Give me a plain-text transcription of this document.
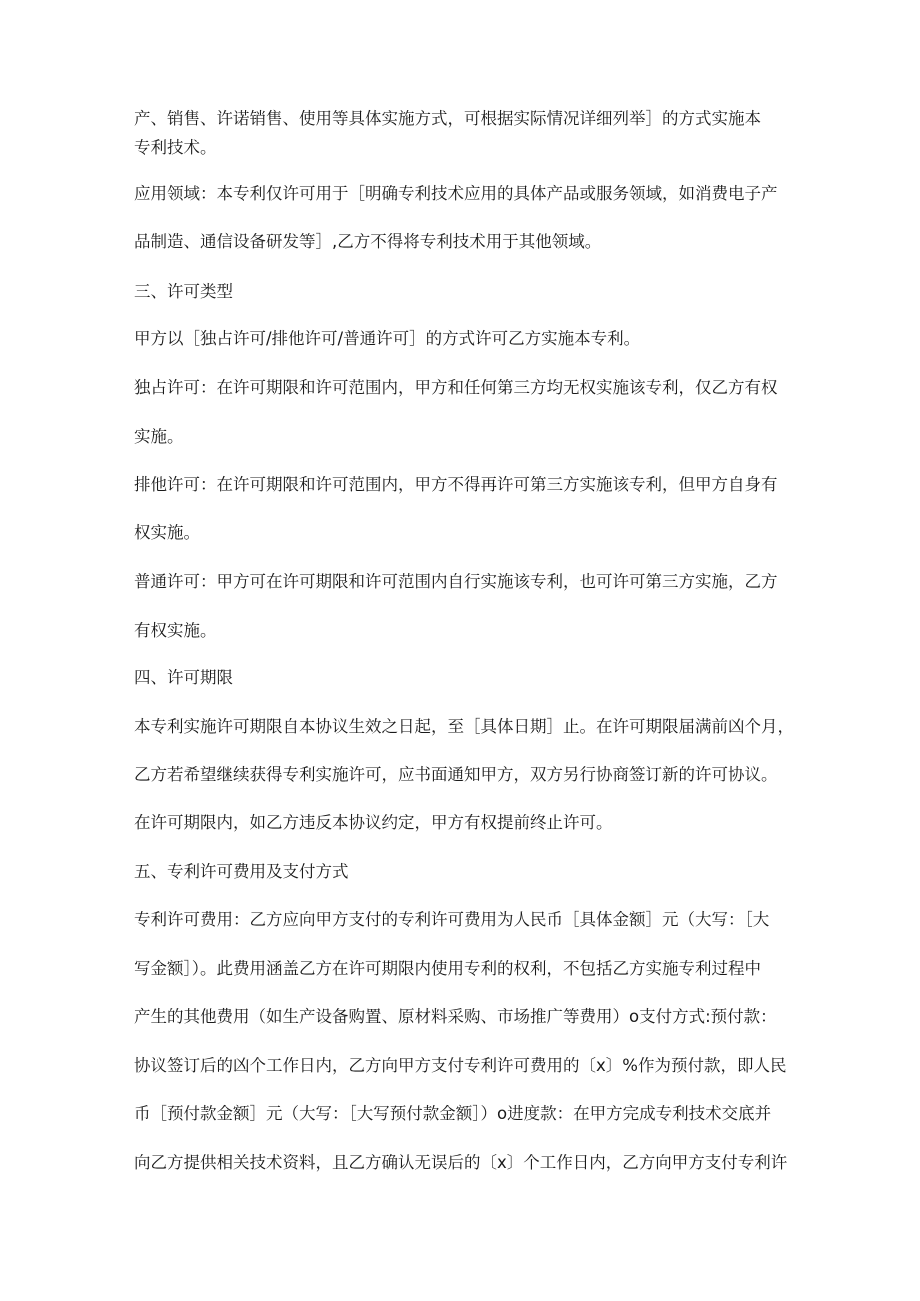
产、销售、许诺销售、使用等具体实施方式，可根据实际情况详细列举］的方式实施本
专利技术。
应用领域：本专利仅许可用于［明确专利技术应用的具体产品或服务领域，如消费电子产
品制造、通信设备研发等］,乙方不得将专利技术用于其他领域。
三、许可类型
甲方以［独占许可/排他许可/普通许可］的方式许可乙方实施本专利。
独占许可：在许可期限和许可范围内，甲方和任何第三方均无权实施该专利，仅乙方有权
实施。
排他许可：在许可期限和许可范围内，甲方不得再许可第三方实施该专利，但甲方自身有
权实施。
普通许可：甲方可在许可期限和许可范围内自行实施该专利，也可许可第三方实施，乙方
有权实施。
四、许可期限
本专利实施许可期限自本协议生效之日起，至［具体日期］止。在许可期限届满前凶个月，
乙方若希望继续获得专利实施许可，应书面通知甲方，双方另行协商签订新的许可协议。
在许可期限内，如乙方违反本协议约定，甲方有权提前终止许可。
五、专利许可费用及支付方式
专利许可费用：乙方应向甲方支付的专利许可费用为人民币［具体金额］元（大写：［大
写金额］）。此费用涵盖乙方在许可期限内使用专利的权利，不包括乙方实施专利过程中
产生的其他费用（如生产设备购置、原材料采购、市场推广等费用）o支付方式:预付款：
协议签订后的凶个工作日内，乙方向甲方支付专利许可费用的〔x〕%作为预付款，即人民
币［预付款金额］元（大写：［大写预付款金额］）o进度款：在甲方完成专利技术交底并
向乙方提供相关技术资料，且乙方确认无误后的〔x〕个工作日内，乙方向甲方支付专利许
